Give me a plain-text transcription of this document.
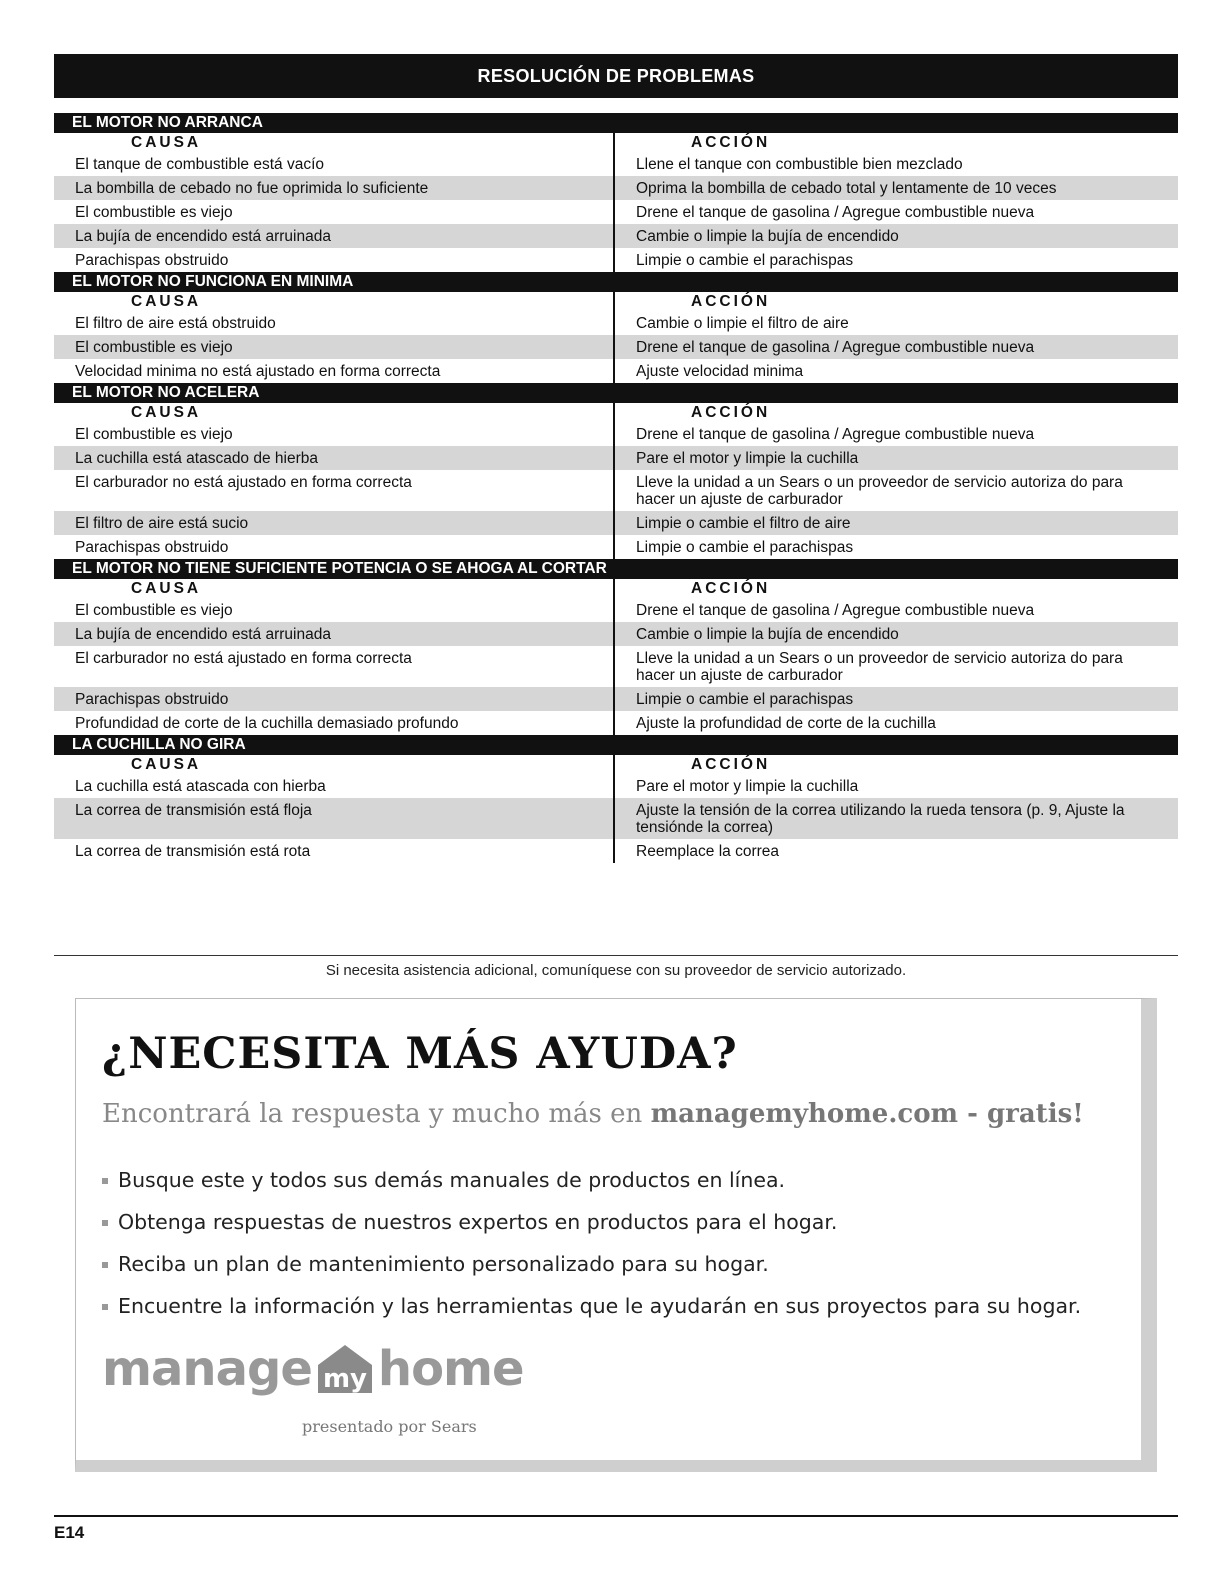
RESOLUCIÓN DE PROBLEMAS
EL MOTOR NO ARRANCA
CAUSA	ACCIÓN
El tanque de combustible está vacío	Llene el tanque con combustible bien mezclado
La bombilla de cebado no fue oprimida lo suficiente	Oprima la bombilla de cebado total y lentamente de 10 veces
El combustible es viejo	Drene el tanque de gasolina / Agregue combustible nueva
La bujía de encendido está arruinada	Cambie o limpie la bujía de encendido
Parachispas obstruido	Limpie o cambie el parachispas
EL MOTOR NO FUNCIONA EN MINIMA
CAUSA	ACCIÓN
El filtro de aire está obstruido	Cambie o limpie el filtro de aire
El combustible es viejo	Drene el tanque de gasolina / Agregue combustible nueva
Velocidad minima no está ajustado en forma correcta	Ajuste velocidad minima
EL MOTOR NO ACELERA
CAUSA	ACCIÓN
El combustible es viejo	Drene el tanque de gasolina / Agregue combustible nueva
La cuchilla está atascado de hierba	Pare el motor y limpie la cuchilla
El carburador no está ajustado en forma correcta	Lleve la unidad a un Sears o un proveedor de servicio autoriza do para hacer un ajuste de carburador
El filtro de aire está sucio	Limpie o cambie el filtro de aire
Parachispas obstruido	Limpie o cambie el parachispas
EL MOTOR NO TIENE SUFICIENTE POTENCIA O SE AHOGA AL CORTAR
CAUSA	ACCIÓN
El combustible es viejo	Drene el tanque de gasolina / Agregue combustible nueva
La bujía de encendido está arruinada	Cambie o limpie la bujía de encendido
El carburador no está ajustado en forma correcta	Lleve la unidad a un Sears o un proveedor de servicio autoriza do para hacer un ajuste de carburador
Parachispas obstruido	Limpie o cambie el parachispas
Profundidad de corte de la cuchilla demasiado profundo	Ajuste la profundidad de corte de la cuchilla
LA CUCHILLA NO GIRA
CAUSA	ACCIÓN
La cuchilla está atascada con hierba	Pare el motor y limpie la cuchilla
La correa de transmisión está floja	Ajuste la tensión de la correa utilizando la rueda tensora (p. 9, Ajuste la tensiónde la correa)
La correa de transmisión está rota	Reemplace la correa
Si necesita asistencia adicional, comuníquese con su proveedor de servicio autorizado.
¿NECESITA MÁS AYUDA?
Encontrará la respuesta y mucho más en managemyhome.com - gratis!
Busque este y todos sus demás manuales de productos en línea.
Obtenga respuestas de nuestros expertos en productos para el hogar.
Reciba un plan de mantenimiento personalizado para su hogar.
Encuentre la información y las herramientas que le ayudarán en sus proyectos para su hogar.
manage my home
presentado por Sears
E14
